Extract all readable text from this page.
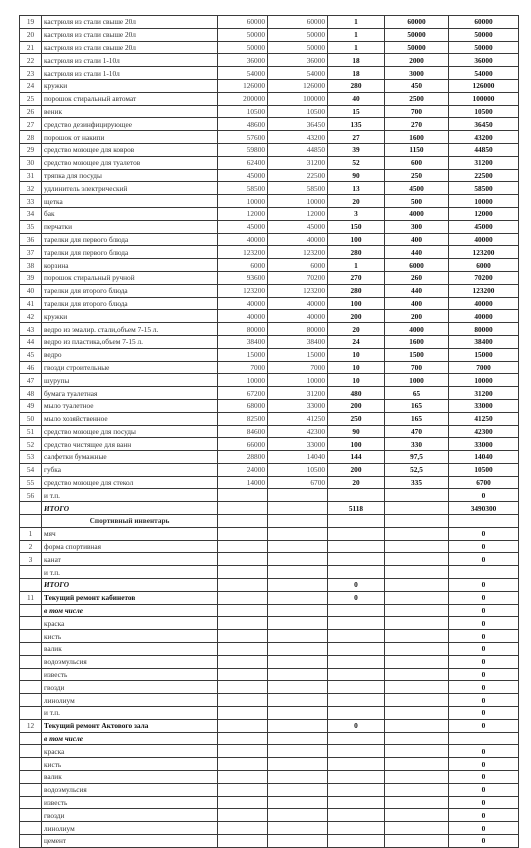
19	кастрюля из стали свыше 20л	60000	60000	1	60000	60000
20	кастрюля из стали свыше 20л	50000	50000	1	50000	50000
21	кастрюля из стали свыше 20л	50000	50000	1	50000	50000
22	кастрюля из стали 1-10л	36000	36000	18	2000	36000
23	кастрюля из стали 1-10л	54000	54000	18	3000	54000
24	кружки	126000	126000	280	450	126000
25	порошок стиральный автомат	200000	100000	40	2500	100000
26	веник	10500	10500	15	700	10500
27	средство дезинфицирующее	48600	36450	135	270	36450
28	порошок от накипи	57600	43200	27	1600	43200
29	средство моющее для ковров	59800	44850	39	1150	44850
30	средство моющее для туалетов	62400	31200	52	600	31200
31	тряпка для посуды	45000	22500	90	250	22500
32	удлинитель электрический	58500	58500	13	4500	58500
33	щетка	10000	10000	20	500	10000
34	бак	12000	12000	3	4000	12000
35	перчатки	45000	45000	150	300	45000
36	тарелки для первого блюда	40000	40000	100	400	40000
37	тарелки для первого блюда	123200	123200	280	440	123200
38	корзина	6000	6000	1	6000	6000
39	порошок стиральный ручной	93600	70200	270	260	70200
40	тарелки для второго блюда	123200	123200	280	440	123200
41	тарелки для второго блюда	40000	40000	100	400	40000
42	кружки	40000	40000	200	200	40000
43	ведро из эмалир. стали,объем 7-15 л.	80000	80000	20	4000	80000
44	ведро из пластика,объем 7-15 л.	38400	38400	24	1600	38400
45	ведро	15000	15000	10	1500	15000
46	гвозди строительные	7000	7000	10	700	7000
47	шурупы	10000	10000	10	1000	10000
48	бумага туалетная	67200	31200	480	65	31200
49	мыло туалетное	68000	33000	200	165	33000
50	мыло хозяйственное	82500	41250	250	165	41250
51	средство моющее для посуды	84600	42300	90	470	42300
52	средство чистящее для ванн	66000	33000	100	330	33000
53	салфетки бумажные	28800	14040	144	97,5	14040
54	губка	24000	10500	200	52,5	10500
55	средство моющее для стекол	14000	6700	20	335	6700
56	и т.п.					0
	ИТОГО			5118		3490300
	Спортивный инвентарь					
1	мяч					0
2	форма спортивная					0
3	канат					0
	и т.п.					
	ИТОГО			0		0
11	Текущий ремонт кабинетов			0		0
	в том числе					0
	краска					0
	кисть					0
	валик					0
	водоэмульсия					0
	известь					0
	гвозди					0
	линолиум					0
	и т.п.					0
12	Текущий ремонт Актового зала			0		0
	в том числе					
	краска					0
	кисть					0
	валик					0
	водоэмульсия					0
	известь					0
	гвозди					0
	линолиум					0
	цемент					0
